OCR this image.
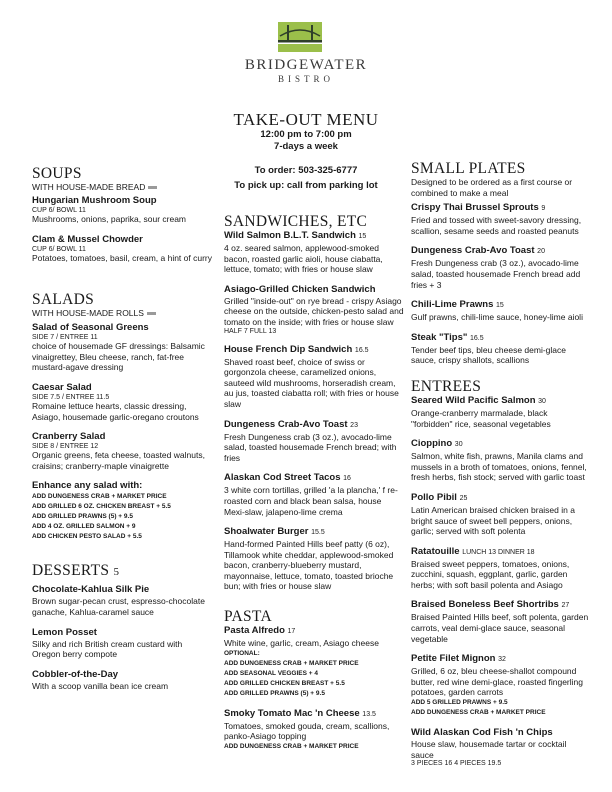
BRIDGEWATER
BISTRO
TAKE-OUT MENU
12:00 pm to 7:00 pm
7-days a week
To order: 503-325-6777
To pick up: call from parking lot
SOUPS
WITH HOUSE-MADE BREAD
Hungarian Mushroom Soup
CUP 6/ BOWL 11
Mushrooms, onions, paprika, sour cream
Clam & Mussel Chowder
CUP 6/ BOWL 11
Potatoes, tomatoes, basil, cream, a hint of curry
SALADS
WITH HOUSE-MADE ROLLS
Salad of Seasonal Greens
SIDE 7 / ENTREE 11
choice of housemade GF dressings: Balsamic vinaigrettey, Bleu cheese, ranch, fat-free mustard-agave dressing
Caesar Salad
SIDE 7.5 / ENTREE 11.5
Romaine lettuce hearts, classic dressing, Asiago, housemade garlic-oregano croutons
Cranberry Salad
SIDE 8 / ENTREE 12
Organic greens, feta cheese, toasted walnuts, craisins; cranberry-maple vinaigrette
Enhance any salad with:
ADD DUNGENESS CRAB + MARKET PRICE
ADD GRILLED 6 OZ. CHICKEN BREAST + 5.5
ADD GRILLED PRAWNS (5) + 9.5
ADD 4 OZ. GRILLED SALMON + 9
ADD CHICKEN PESTO SALAD + 5.5
DESSERTS 5
Chocolate-Kahlua Silk Pie
Brown sugar-pecan crust, espresso-chocolate ganache, Kahlua-caramel sauce
Lemon Posset
Silky and rich British cream custard with Oregon berry compote
Cobbler-of-the-Day
With a scoop vanilla bean ice cream
SANDWICHES, ETC
Wild Salmon B.L.T. Sandwich 15
4 oz. seared salmon, applewood-smoked bacon, roasted garlic aioli, house ciabatta, lettuce, tomato; with fries or house slaw
Asiago-Grilled Chicken Sandwich
Grilled "inside-out" on rye bread - crispy Asiago cheese on the outside, chicken-pesto salad and tomato on the inside; with fries or house slaw
HALF 7 FULL 13
House French Dip Sandwich 16.5
Shaved roast beef, choice of swiss or gorgonzola cheese, caramelized onions, sauteed wild mushrooms, horseradish cream, au jus, toasted ciabatta roll; with fries or house slaw
Dungeness Crab-Avo Toast 23
Fresh Dungeness crab (3 oz.), avocado-lime salad, toasted housemade French bread; with fries
Alaskan Cod Street Tacos 16
3 white corn tortillas, grilled 'a la plancha,' f re-roasted corn and black bean salsa, house Mexi-slaw, jalapeno-lime crema
Shoalwater Burger 15.5
Hand-formed Painted Hills beef patty (6 oz), Tillamook white cheddar, applewood-smoked bacon, cranberry-blueberry mustard, mayonnaise, lettuce, tomato, toasted brioche bun; with fries or house slaw
PASTA
Pasta Alfredo 17
White wine, garlic, cream, Asiago cheese
OPTIONAL:
ADD DUNGENESS CRAB + MARKET PRICE
ADD SEASONAL VEGGIES + 4
ADD GRILLED CHICKEN BREAST + 5.5
ADD GRILLED PRAWNS (5) + 9.5
Smoky Tomato Mac 'n Cheese 13.5
Tomatoes, smoked gouda, cream, scallions, panko-Asiago topping
ADD DUNGENESS CRAB + MARKET PRICE
SMALL PLATES
Designed to be ordered as a first course or combined to make a meal
Crispy Thai Brussel Sprouts 9
Fried and tossed with sweet-savory dressing, scallion, sesame seeds and roasted peanuts
Dungeness Crab-Avo Toast 20
Fresh Dungeness crab (3 oz.), avocado-lime salad, toasted housemade French bread add fries + 3
Chili-Lime Prawns 15
Gulf prawns, chili-lime sauce, honey-lime aioli
Steak "Tips" 16.5
Tender beef tips, bleu cheese demi-glace sauce, crispy shallots, scallions
ENTREES
Seared Wild Pacific Salmon 30
Orange-cranberry marmalade, black "forbidden" rice, seasonal vegetables
Cioppino 30
Salmon, white fish, prawns, Manila clams and mussels in a broth of tomatoes, onions, fennel, fresh herbs, fish stock; served with garlic toast
Pollo Pibil 25
Latin American braised chicken braised in a bright sauce of sweet bell peppers, onions, garlic; served with soft polenta
Ratatouille LUNCH 13 DINNER 18
Braised sweet peppers, tomatoes, onions, zucchini, squash, eggplant, garlic, garden herbs; with soft basil polenta and Asiago
Braised Boneless Beef Shortribs 27
Braised Painted Hills beef, soft polenta, garden carrots, veal demi-glace sauce, seasonal vegetable
Petite Filet Mignon 32
Grilled, 6 oz, bleu cheese-shallot compound butter, red wine demi-glace, roasted fingerling potatoes, garden carrots
ADD 5 GRILLED PRAWNS + 9.5
ADD DUNGENESS CRAB + MARKET PRICE
Wild Alaskan Cod Fish 'n Chips
House slaw, housemade tartar or cocktail sauce
3 PIECES 16 4 PIECES 19.5
